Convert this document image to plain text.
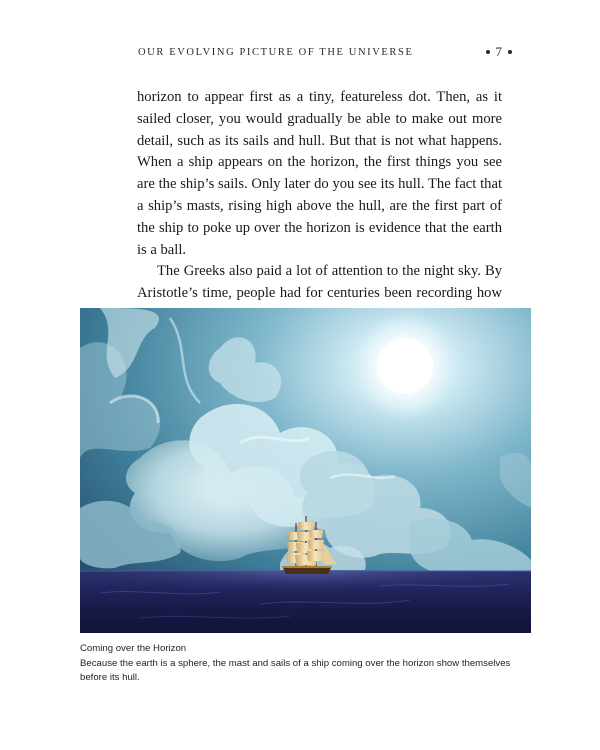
OUR EVOLVING PICTURE OF THE UNIVERSE	7

horizon to appear first as a tiny, featureless dot. Then, as it sailed closer, you would gradually be able to make out more detail, such as its sails and hull. But that is not what happens. When a ship appears on the horizon, the first things you see are the ship’s sails. Only later do you see its hull. The fact that a ship’s masts, rising high above the hull, are the first part of the ship to poke up over the horizon is evidence that the earth is a ball.

The Greeks also paid a lot of attention to the night sky. By Aristotle’s time, people had for centuries been recording how

Coming over the Horizon
Because the earth is a sphere, the mast and sails of a ship coming over the horizon show themselves before its hull.
